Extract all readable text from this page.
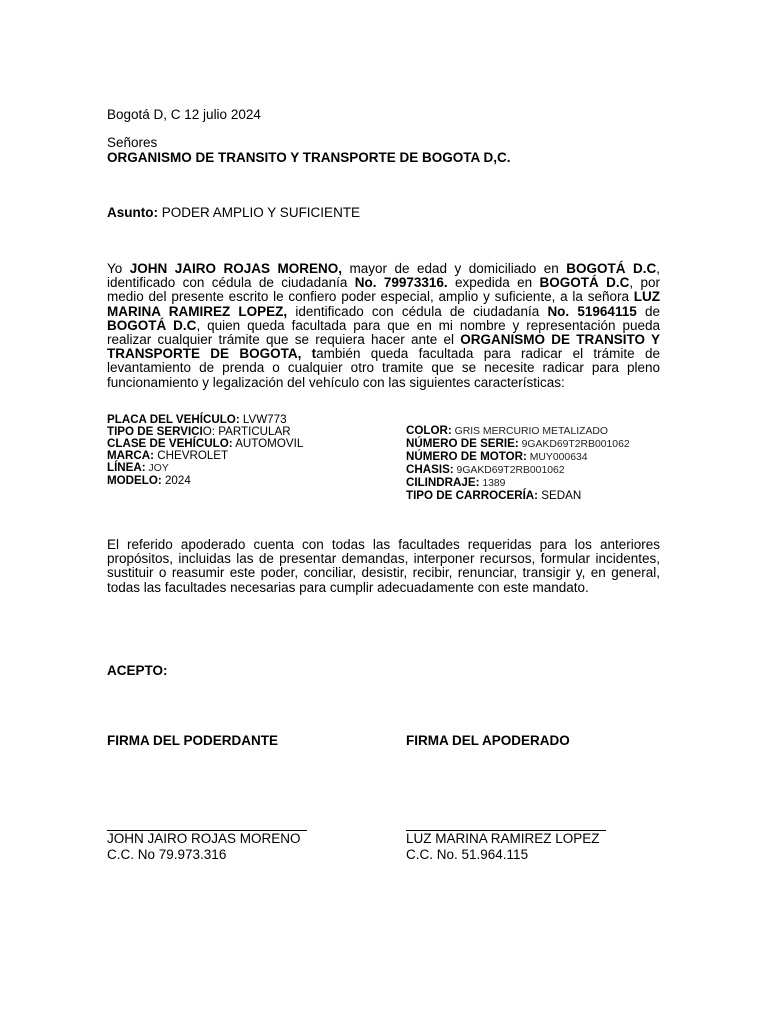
Bogotá D, C 12 julio 2024
Señores
ORGANISMO DE TRANSITO Y TRANSPORTE DE BOGOTA D,C.
Asunto: PODER AMPLIO Y SUFICIENTE

Yo JOHN JAIRO ROJAS MORENO, mayor de edad y domiciliado en BOGOTÁ D.C, identificado con cédula de ciudadanía No. 79973316. expedida en BOGOTÁ D.C, por medio del presente escrito le confiero poder especial, amplio y suficiente, a la señora LUZ MARINA RAMIREZ LOPEZ, identificado con cédula de ciudadanía No. 51964115 de BOGOTÁ D.C, quien queda facultada para que en mi nombre y representación pueda realizar cualquier trámite que se requiera hacer ante el ORGANISMO DE TRANSITO Y TRANSPORTE DE BOGOTA, también queda facultada para radicar el trámite de levantamiento de prenda o cualquier otro tramite que se necesite radicar para pleno funcionamiento y legalización del vehículo con las siguientes características:

PLACA DEL VEHÍCULO: LVW773
TIPO DE SERVICIO: PARTICULAR
CLASE DE VEHÍCULO: AUTOMOVIL
MARCA: CHEVROLET
LÍNEA: JOY
MODELO: 2024
COLOR: GRIS MERCURIO METALIZADO
NÚMERO DE SERIE: 9GAKD69T2RB001062
NÚMERO DE MOTOR: MUY000634
CHASIS: 9GAKD69T2RB001062
CILINDRAJE: 1389
TIPO DE CARROCERÍA: SEDAN

El referido apoderado cuenta con todas las facultades requeridas para los anteriores propósitos, incluidas las de presentar demandas, interponer recursos, formular incidentes, sustituir o reasumir este poder, conciliar, desistir, recibir, renunciar, transigir y, en general, todas las facultades necesarias para cumplir adecuadamente con este mandato.

ACEPTO:
FIRMA DEL PODERDANTE	FIRMA DEL APODERADO
JOHN JAIRO ROJAS MORENO
C.C. No 79.973.316
LUZ MARINA RAMIREZ LOPEZ
C.C. No. 51.964.115
